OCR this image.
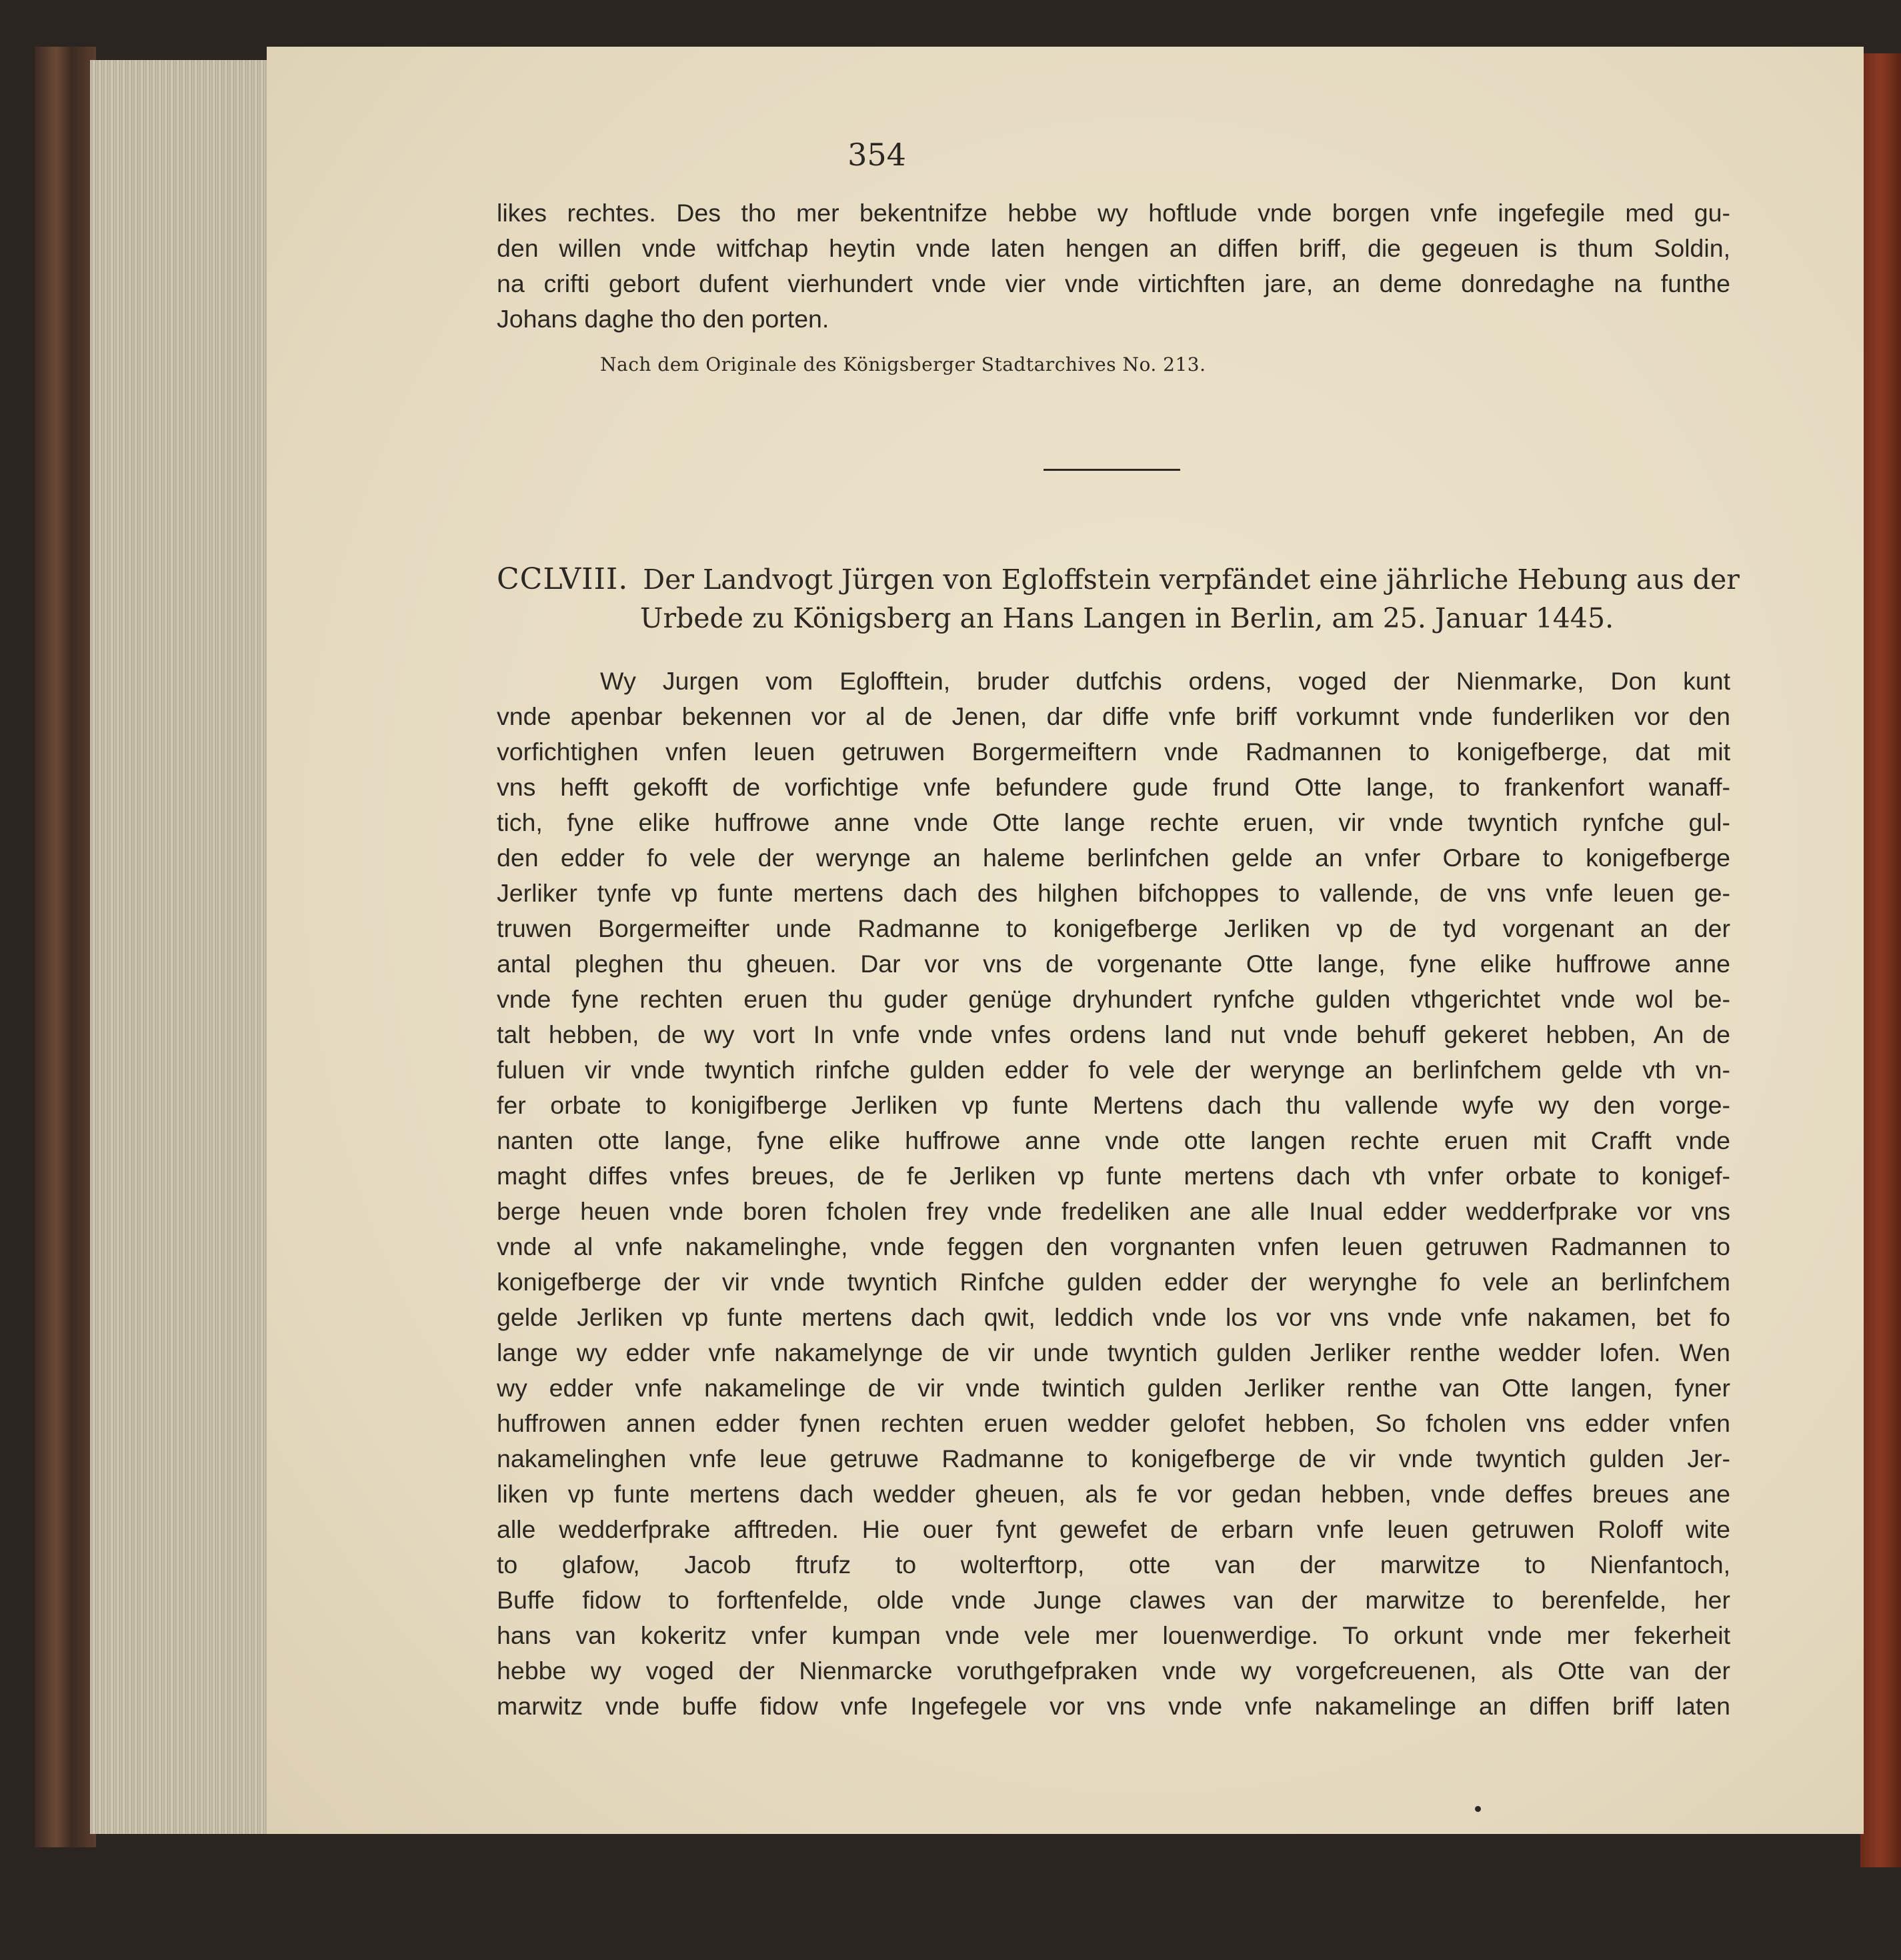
354
likes rechtes. Des tho mer bekentnifze hebbe wy hoftlude vnde borgen vnfe ingefegile med gu-
den willen vnde witfchap heytin vnde laten hengen an diffen briff, die gegeuen is thum Soldin,
na crifti gebort dufent vierhundert vnde vier vnde virtichften jare, an deme donredaghe na funthe
Johans daghe tho den porten.
Nach dem Originale des Königsberger Stadtarchives No. 213.
CCLVIII. Der Landvogt Jürgen von Egloffstein verpfändet eine jährliche Hebung aus der
Urbede zu Königsberg an Hans Langen in Berlin, am 25. Januar 1445.
Wy Jurgen vom Eglofftein, bruder dutfchis ordens, voged der Nienmarke, Don kunt
vnde apenbar bekennen vor al de Jenen, dar diffe vnfe briff vorkumnt vnde funderliken vor den
vorfichtighen vnfen leuen getruwen Borgermeiftern vnde Radmannen to konigefberge, dat mit
vns hefft gekofft de vorfichtige vnfe befundere gude frund Otte lange, to frankenfort wanaff-
tich, fyne elike huffrowe anne vnde Otte lange rechte eruen, vir vnde twyntich rynfche gul-
den edder fo vele der werynge an haleme berlinfchen gelde an vnfer Orbare to konigefberge
Jerliker tynfe vp funte mertens dach des hilghen bifchoppes to vallende, de vns vnfe leuen ge-
truwen Borgermeifter unde Radmanne to konigefberge Jerliken vp de tyd vorgenant an der
antal pleghen thu gheuen. Dar vor vns de vorgenante Otte lange, fyne elike huffrowe anne
vnde fyne rechten eruen thu guder genüge dryhundert rynfche gulden vthgerichtet vnde wol be-
talt hebben, de wy vort In vnfe vnde vnfes ordens land nut vnde behuff gekeret hebben, An de
fuluen vir vnde twyntich rinfche gulden edder fo vele der werynge an berlinfchem gelde vth vn-
fer orbate to konigifberge Jerliken vp funte Mertens dach thu vallende wyfe wy den vorge-
nanten otte lange, fyne elike huffrowe anne vnde otte langen rechte eruen mit Crafft vnde
maght diffes vnfes breues, de fe Jerliken vp funte mertens dach vth vnfer orbate to konigef-
berge heuen vnde boren fcholen frey vnde fredeliken ane alle Inual edder wedderfprake vor vns
vnde al vnfe nakamelinghe, vnde feggen den vorgnanten vnfen leuen getruwen Radmannen to
konigefberge der vir vnde twyntich Rinfche gulden edder der werynghe fo vele an berlinfchem
gelde Jerliken vp funte mertens dach qwit, leddich vnde los vor vns vnde vnfe nakamen, bet fo
lange wy edder vnfe nakamelynge de vir unde twyntich gulden Jerliker renthe wedder lofen. Wen
wy edder vnfe nakamelinge de vir vnde twintich gulden Jerliker renthe van Otte langen, fyner
huffrowen annen edder fynen rechten eruen wedder gelofet hebben, So fcholen vns edder vnfen
nakamelinghen vnfe leue getruwe Radmanne to konigefberge de vir vnde twyntich gulden Jer-
liken vp funte mertens dach wedder gheuen, als fe vor gedan hebben, vnde deffes breues ane
alle wedderfprake afftreden. Hie ouer fynt gewefet de erbarn vnfe leuen getruwen Roloff wite
to glafow, Jacob ftrufz to wolterftorp, otte van der marwitze to Nienfantoch,
Buffe fidow to forftenfelde, olde vnde Junge clawes van der marwitze to berenfelde, her
hans van kokeritz vnfer kumpan vnde vele mer louenwerdige. To orkunt vnde mer fekerheit
hebbe wy voged der Nienmarcke voruthgefpraken vnde wy vorgefcreuenen, als Otte van der
marwitz vnde buffe fidow vnfe Ingefegele vor vns vnde vnfe nakamelinge an diffen briff laten
